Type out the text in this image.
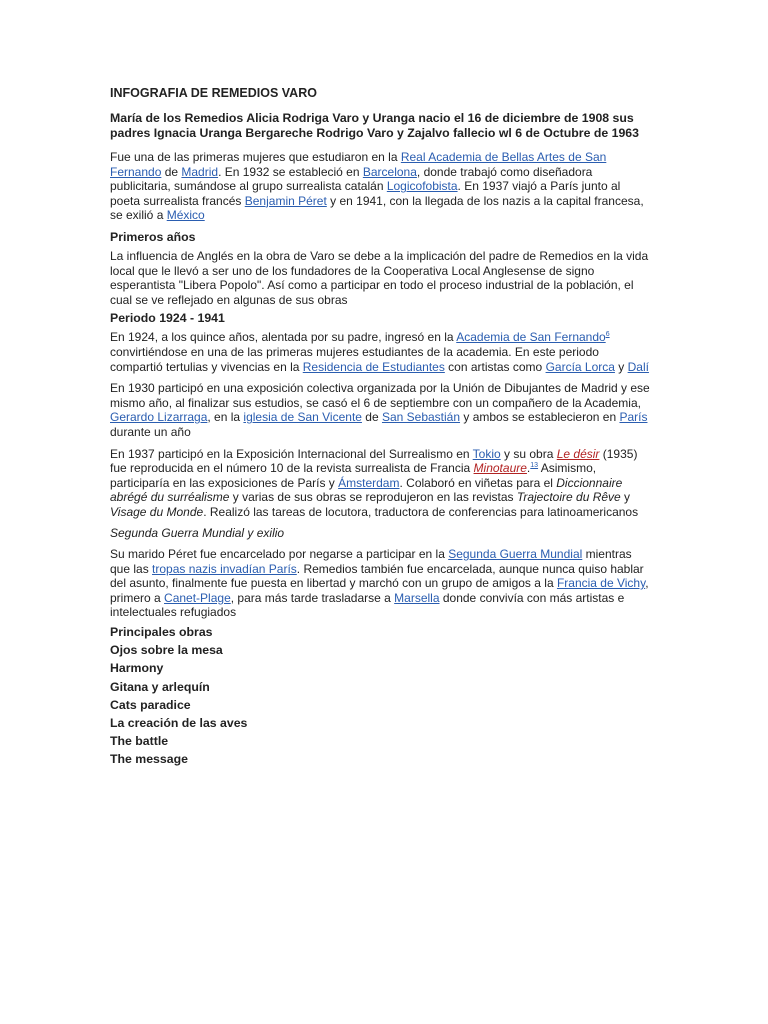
INFOGRAFIA DE REMEDIOS VARO

María de los Remedios Alicia Rodriga Varo y Uranga nacio el 16 de diciembre de 1908 sus padres Ignacia Uranga Bergareche Rodrigo Varo y Zajalvo fallecio wl 6 de Octubre de 1963

Fue una de las primeras mujeres que estudiaron en la Real Academia de Bellas Artes de San Fernando de Madrid. En 1932 se estableció en Barcelona, donde trabajó como diseñadora publicitaria, sumándose al grupo surrealista catalán Logicofobista. En 1937 viajó a París junto al poeta surrealista francés Benjamin Péret y en 1941, con la llegada de los nazis a la capital francesa, se exilió a México

Primeros años

La influencia de Anglés en la obra de Varo se debe a la implicación del padre de Remedios en la vida local que le llevó a ser uno de los fundadores de la Cooperativa Local Anglesense de signo esperantista "Libera Popolo". Así como a participar en todo el proceso industrial de la población, el cual se ve reflejado en algunas de sus obras

Periodo 1924 - 1941

En 1924, a los quince años, alentada por su padre, ingresó en la Academia de San Fernando$^6$ convirtiéndose en una de las primeras mujeres estudiantes de la academia. En este periodo compartió tertulias y vivencias en la Residencia de Estudiantes con artistas como García Lorca y Dalí

En 1930 participó en una exposición colectiva organizada por la Unión de Dibujantes de Madrid y ese mismo año, al finalizar sus estudios, se casó el 6 de septiembre con un compañero de la Academia, Gerardo Lizarraga, en la iglesia de San Vicente de San Sebastián y ambos se establecieron en París durante un año

En 1937 participó en la Exposición Internacional del Surrealismo en Tokio y su obra Le désir (1935) fue reproducida en el número 10 de la revista surrealista de Francia Minotaure.$^{13}$ Asimismo, participaría en las exposiciones de París y Ámsterdam. Colaboró en viñetas para el Diccionnaire abrégé du surréalisme y varias de sus obras se reprodujeron en las revistas Trajectoire du Rêve y Visage du Monde. Realizó las tareas de locutora, traductora de conferencias para latinoamericanos

Segunda Guerra Mundial y exilio

Su marido Péret fue encarcelado por negarse a participar en la Segunda Guerra Mundial mientras que las tropas nazis invadían París. Remedios también fue encarcelada, aunque nunca quiso hablar del asunto, finalmente fue puesta en libertad y marchó con un grupo de amigos a la Francia de Vichy, primero a Canet-Plage, para más tarde trasladarse a Marsella donde convivía con más artistas e intelectuales refugiados

Principales obras
Ojos sobre la mesa
Harmony
Gitana y arlequín
Cats paradice
La creación de las aves
The battle
The message
